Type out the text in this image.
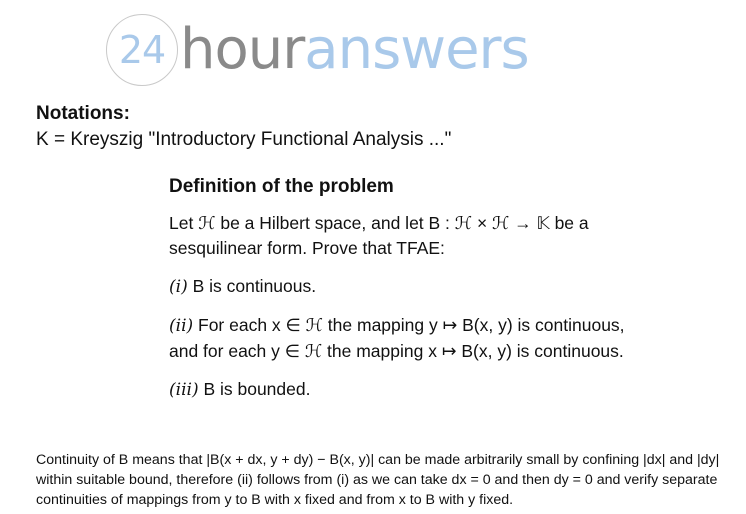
24 houranswers
Notations:
K = Kreyszig "Introductory Functional Analysis ..."
Definition of the problem

Let ℋ be a Hilbert space, and let B : ℋ × ℋ → 𝕂 be a sesquilinear form. Prove that TFAE:

(i) B is continuous.

(ii) For each x ∈ ℋ the mapping y ↦ B(x, y) is continuous, and for each y ∈ ℋ the mapping x ↦ B(x, y) is continuous.

(iii) B is bounded.

Continuity of B means that |B(x + dx, y + dy) − B(x, y)| can be made arbitrarily small by confining |dx| and |dy| within suitable bound, therefore (ii) follows from (i) as we can take dx = 0 and then dy = 0 and verify separate continuities of mappings from y to B with x fixed and from x to B with y fixed.
